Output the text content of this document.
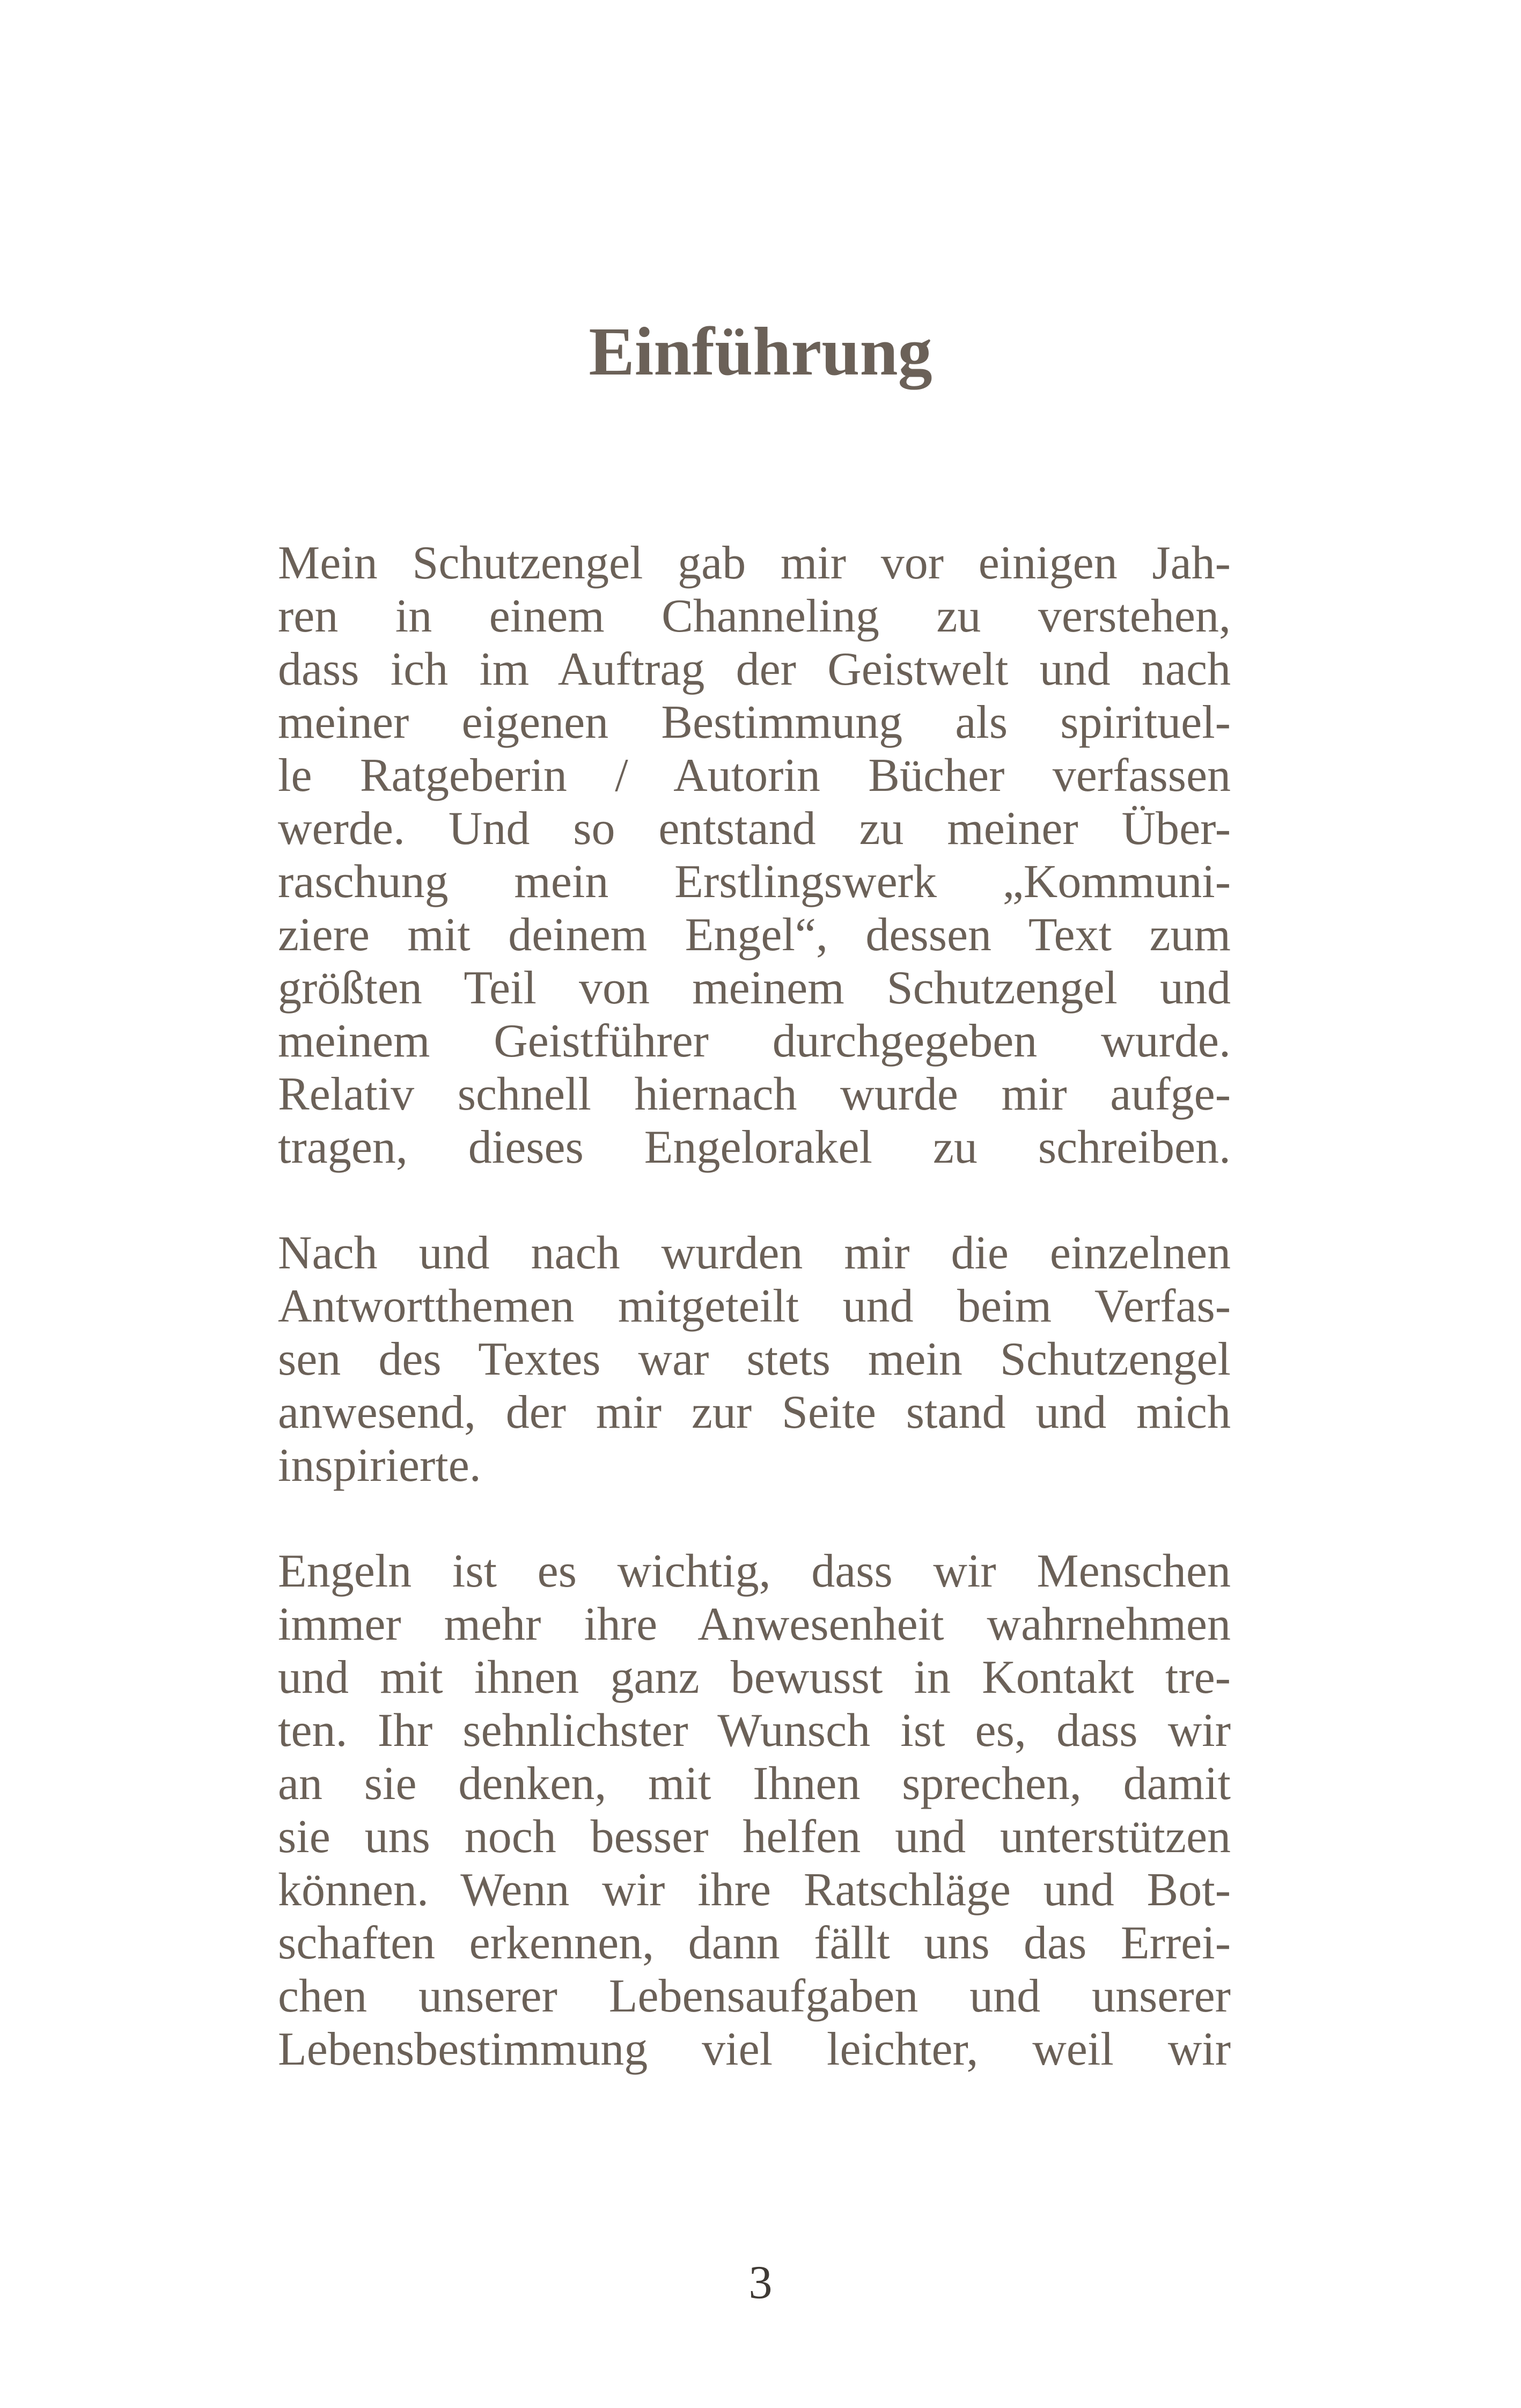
Einführung
Mein Schutzengel gab mir vor einigen Jah-
ren in einem Channeling zu verstehen,
dass ich im Auftrag der Geistwelt und nach
meiner eigenen Bestimmung als spirituel-
le Ratgeberin / Autorin Bücher verfassen
werde. Und so entstand zu meiner Über-
raschung mein Erstlingswerk „Kommuni-
ziere mit deinem Engel“, dessen Text zum
größten Teil von meinem Schutzengel und
meinem Geistführer durchgegeben wurde.
Relativ schnell hiernach wurde mir aufge-
tragen, dieses Engelorakel zu schreiben.
Nach und nach wurden mir die einzelnen
Antwortthemen mitgeteilt und beim Verfas-
sen des Textes war stets mein Schutzengel
anwesend, der mir zur Seite stand und mich
inspirierte.
Engeln ist es wichtig, dass wir Menschen
immer mehr ihre Anwesenheit wahrnehmen
und mit ihnen ganz bewusst in Kontakt tre-
ten. Ihr sehnlichster Wunsch ist es, dass wir
an sie denken, mit Ihnen sprechen, damit
sie uns noch besser helfen und unterstützen
können. Wenn wir ihre Ratschläge und Bot-
schaften erkennen, dann fällt uns das Errei-
chen unserer Lebensaufgaben und unserer
Lebensbestimmung viel leichter, weil wir
3
